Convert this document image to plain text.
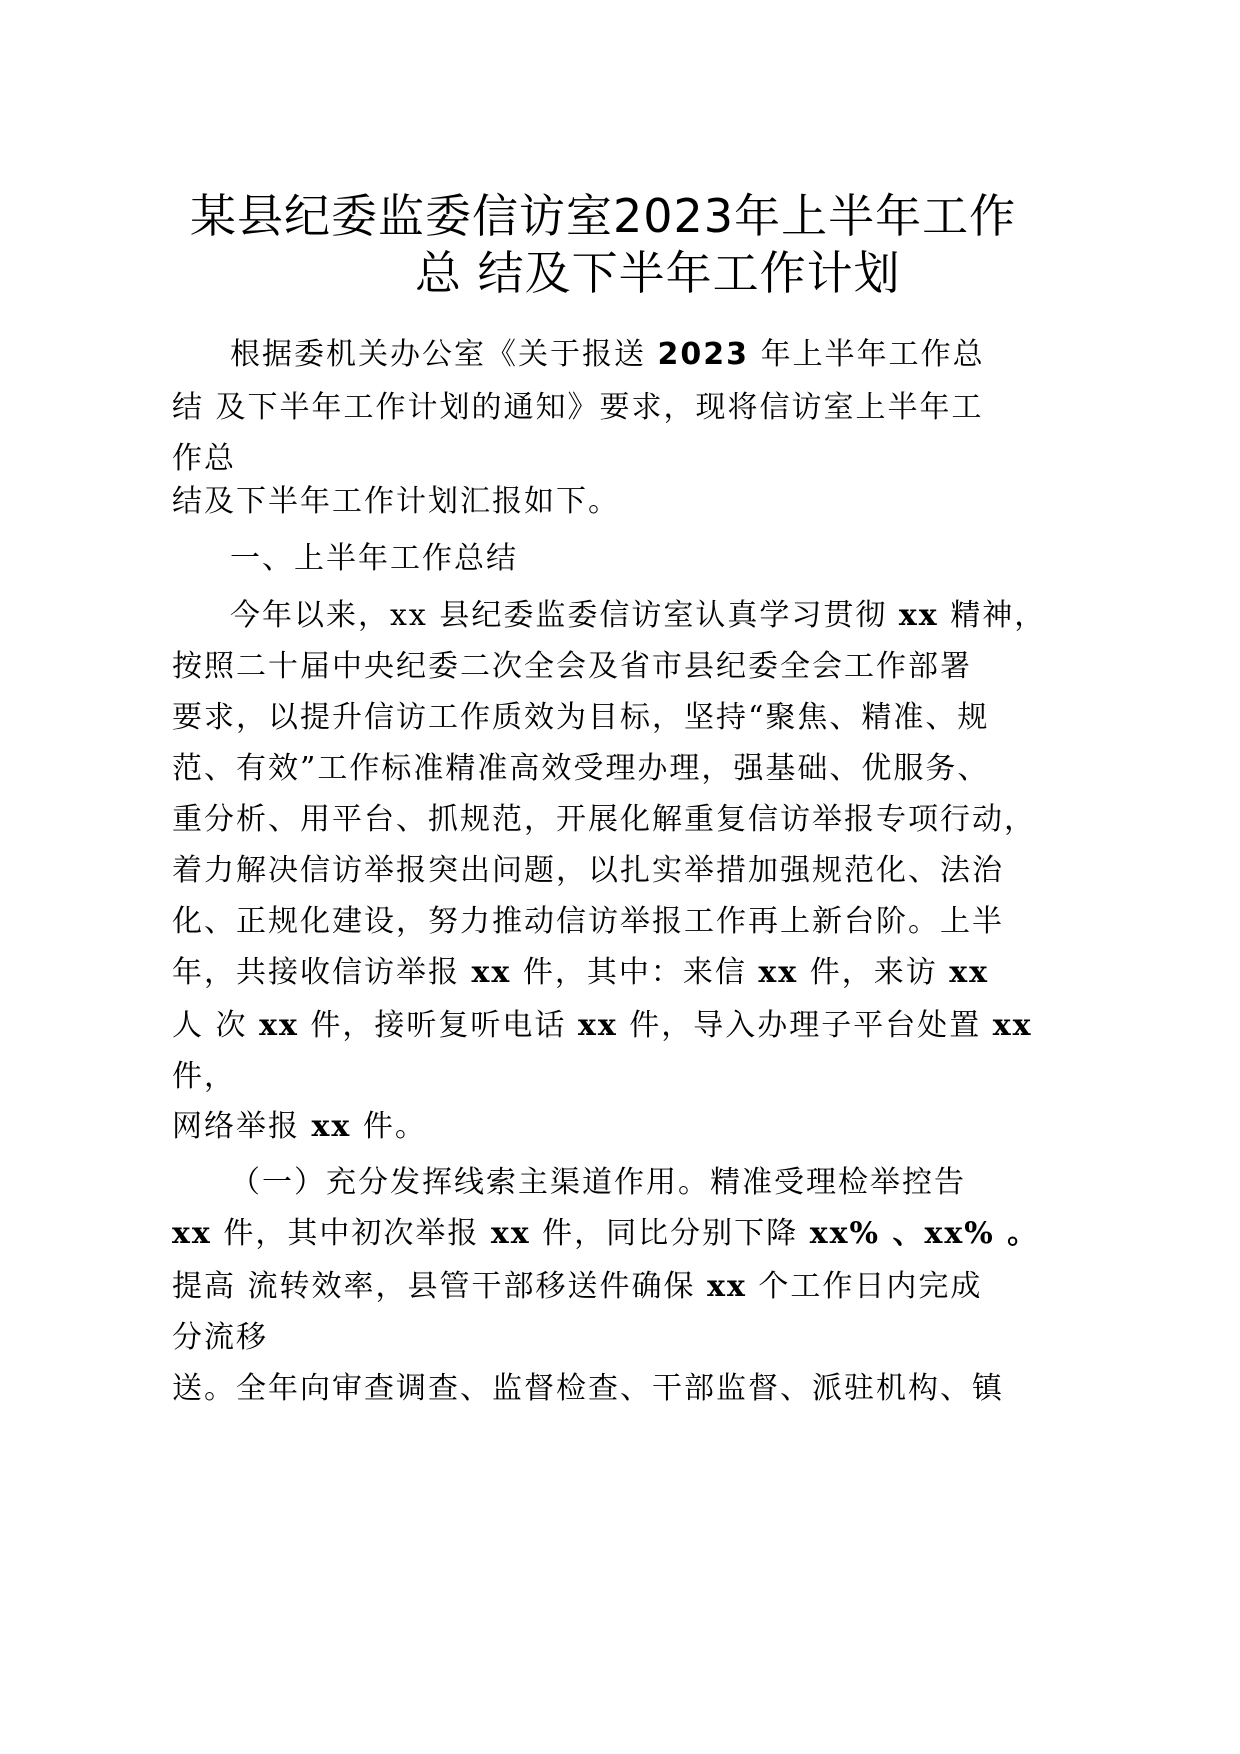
某县纪委监委信访室2023年上半年工作
总 结及下半年工作计划

根据委机关办公室《关于报送 2023 年上半年工作总

结 及下半年工作计划的通知》要求，现将信访室上半年工

作总

结及下半年工作计划汇报如下。

一、上半年工作总结

今年以来，xx 县纪委监委信访室认真学习贯彻 xx 精神，

按照二十届中央纪委二次全会及省市县纪委全会工作部署

要求，以提升信访工作质效为目标，坚持“聚焦、精准、规

范、有效”工作标准精准高效受理办理，强基础、优服务、

重分析、用平台、抓规范，开展化解重复信访举报专项行动，

着力解决信访举报突出问题，以扎实举措加强规范化、法治

化、正规化建设，努力推动信访举报工作再上新台阶。上半

年，共接收信访举报 xx 件，其中：来信 xx 件，来访 xx

人 次 xx 件，接听复听电话 xx 件，导入办理子平台处置 xx

件，

网络举报 xx 件。

（一）充分发挥线索主渠道作用。精准受理检举控告

xx 件，其中初次举报 xx 件，同比分别下降 xx% 、xx% 。

提高 流转效率，县管干部移送件确保 xx 个工作日内完成

分流移

送。全年向审查调查、监督检查、干部监督、派驻机构、镇
